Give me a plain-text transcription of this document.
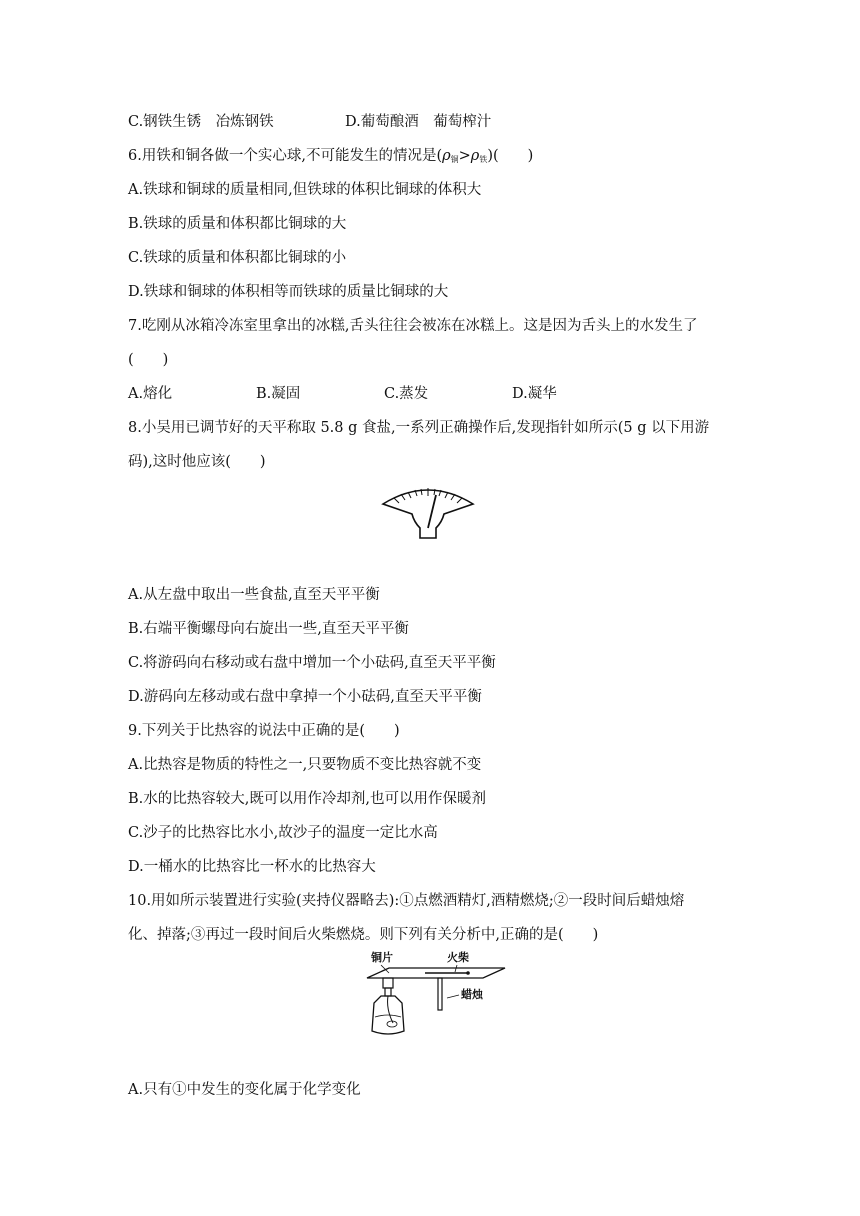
C.钢铁生锈　冶炼钢铁	D.葡萄酿酒　葡萄榨汁
6.用铁和铜各做一个实心球,不可能发生的情况是$(\rho_铜>\rho_铁)$(　　)
A.铁球和铜球的质量相同,但铁球的体积比铜球的体积大
B.铁球的质量和体积都比铜球的大
C.铁球的质量和体积都比铜球的小
D.铁球和铜球的体积相等而铁球的质量比铜球的大
7.吃刚从冰箱冷冻室里拿出的冰糕,舌头往往会被冻在冰糕上。这是因为舌头上的水发生了
(　　)
A.熔化	B.凝固	C.蒸发	D.凝华
8.小吴用已调节好的天平称取 5.8 g 食盐,一系列正确操作后,发现指针如所示(5 g 以下用游
码),这时他应该(　　)
A.从左盘中取出一些食盐,直至天平平衡
B.右端平衡螺母向右旋出一些,直至天平平衡
C.将游码向右移动或右盘中增加一个小砝码,直至天平平衡
D.游码向左移动或右盘中拿掉一个小砝码,直至天平平衡
9.下列关于比热容的说法中正确的是(　　)
A.比热容是物质的特性之一,只要物质不变比热容就不变
B.水的比热容较大,既可以用作冷却剂,也可以用作保暖剂
C.沙子的比热容比水小,故沙子的温度一定比水高
D.一桶水的比热容比一杯水的比热容大
10.用如所示装置进行实验(夹持仪器略去):①点燃酒精灯,酒精燃烧;②一段时间后蜡烛熔
化、掉落;③再过一段时间后火柴燃烧。则下列有关分析中,正确的是(　　)
铜片	火柴
蜡烛
A.只有①中发生的变化属于化学变化
